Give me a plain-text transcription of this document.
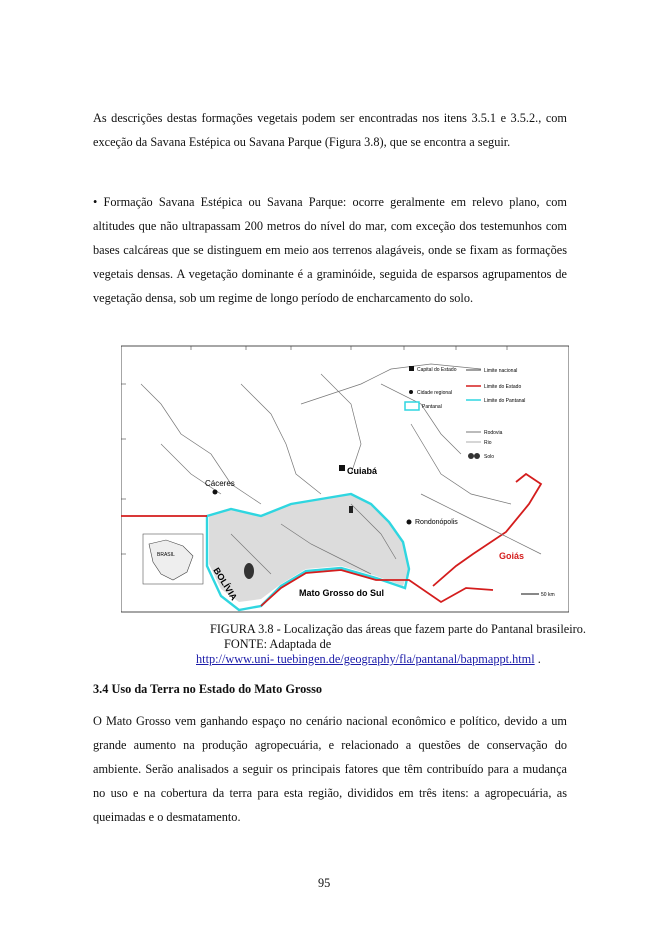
As descrições destas formações vegetais podem ser encontradas nos itens 3.5.1 e 3.5.2., com exceção da Savana Estépica ou Savana Parque (Figura 3.8), que se encontra a seguir.

• Formação Savana Estépica ou Savana Parque: ocorre geralmente em relevo plano, com altitudes que não ultrapassam 200 metros do nível do mar, com exceção dos testemunhos com bases calcáreas que se distinguem em meio aos terrenos alagáveis, onde se fixam as formações vegetais densas. A vegetação dominante é a graminóide, seguida de esparsos agrupamentos de vegetação densa, sob um regime de longo período de encharcamento do solo.

Cuiabá
Cáceres
Rondonópolis
Goiás
Mato Grosso do Sul
BOLÍVIA
BRASIL
Capital do Estado
Cidade regional
Pantanal
Limite nacional
Limite do Estado
Limite do Pantanal
Rodovia
Rio
Solo
50 km
FIGURA 3.8 - Localização das áreas que fazem parte do Pantanal brasileiro.
FONTE: Adaptada de
http://www.uni- tuebingen.de/geography/fla/pantanal/bapmappt.html .
3.4 Uso da Terra no Estado do Mato Grosso

O Mato Grosso vem ganhando espaço no cenário nacional econômico e político, devido a um grande aumento na produção agropecuária, e relacionado a questões de conservação do ambiente. Serão analisados a seguir os principais fatores que têm contribuído para a mudança no uso e na cobertura da terra para esta região, divididos em três itens: a agropecuária, as queimadas e o desmatamento.

95
